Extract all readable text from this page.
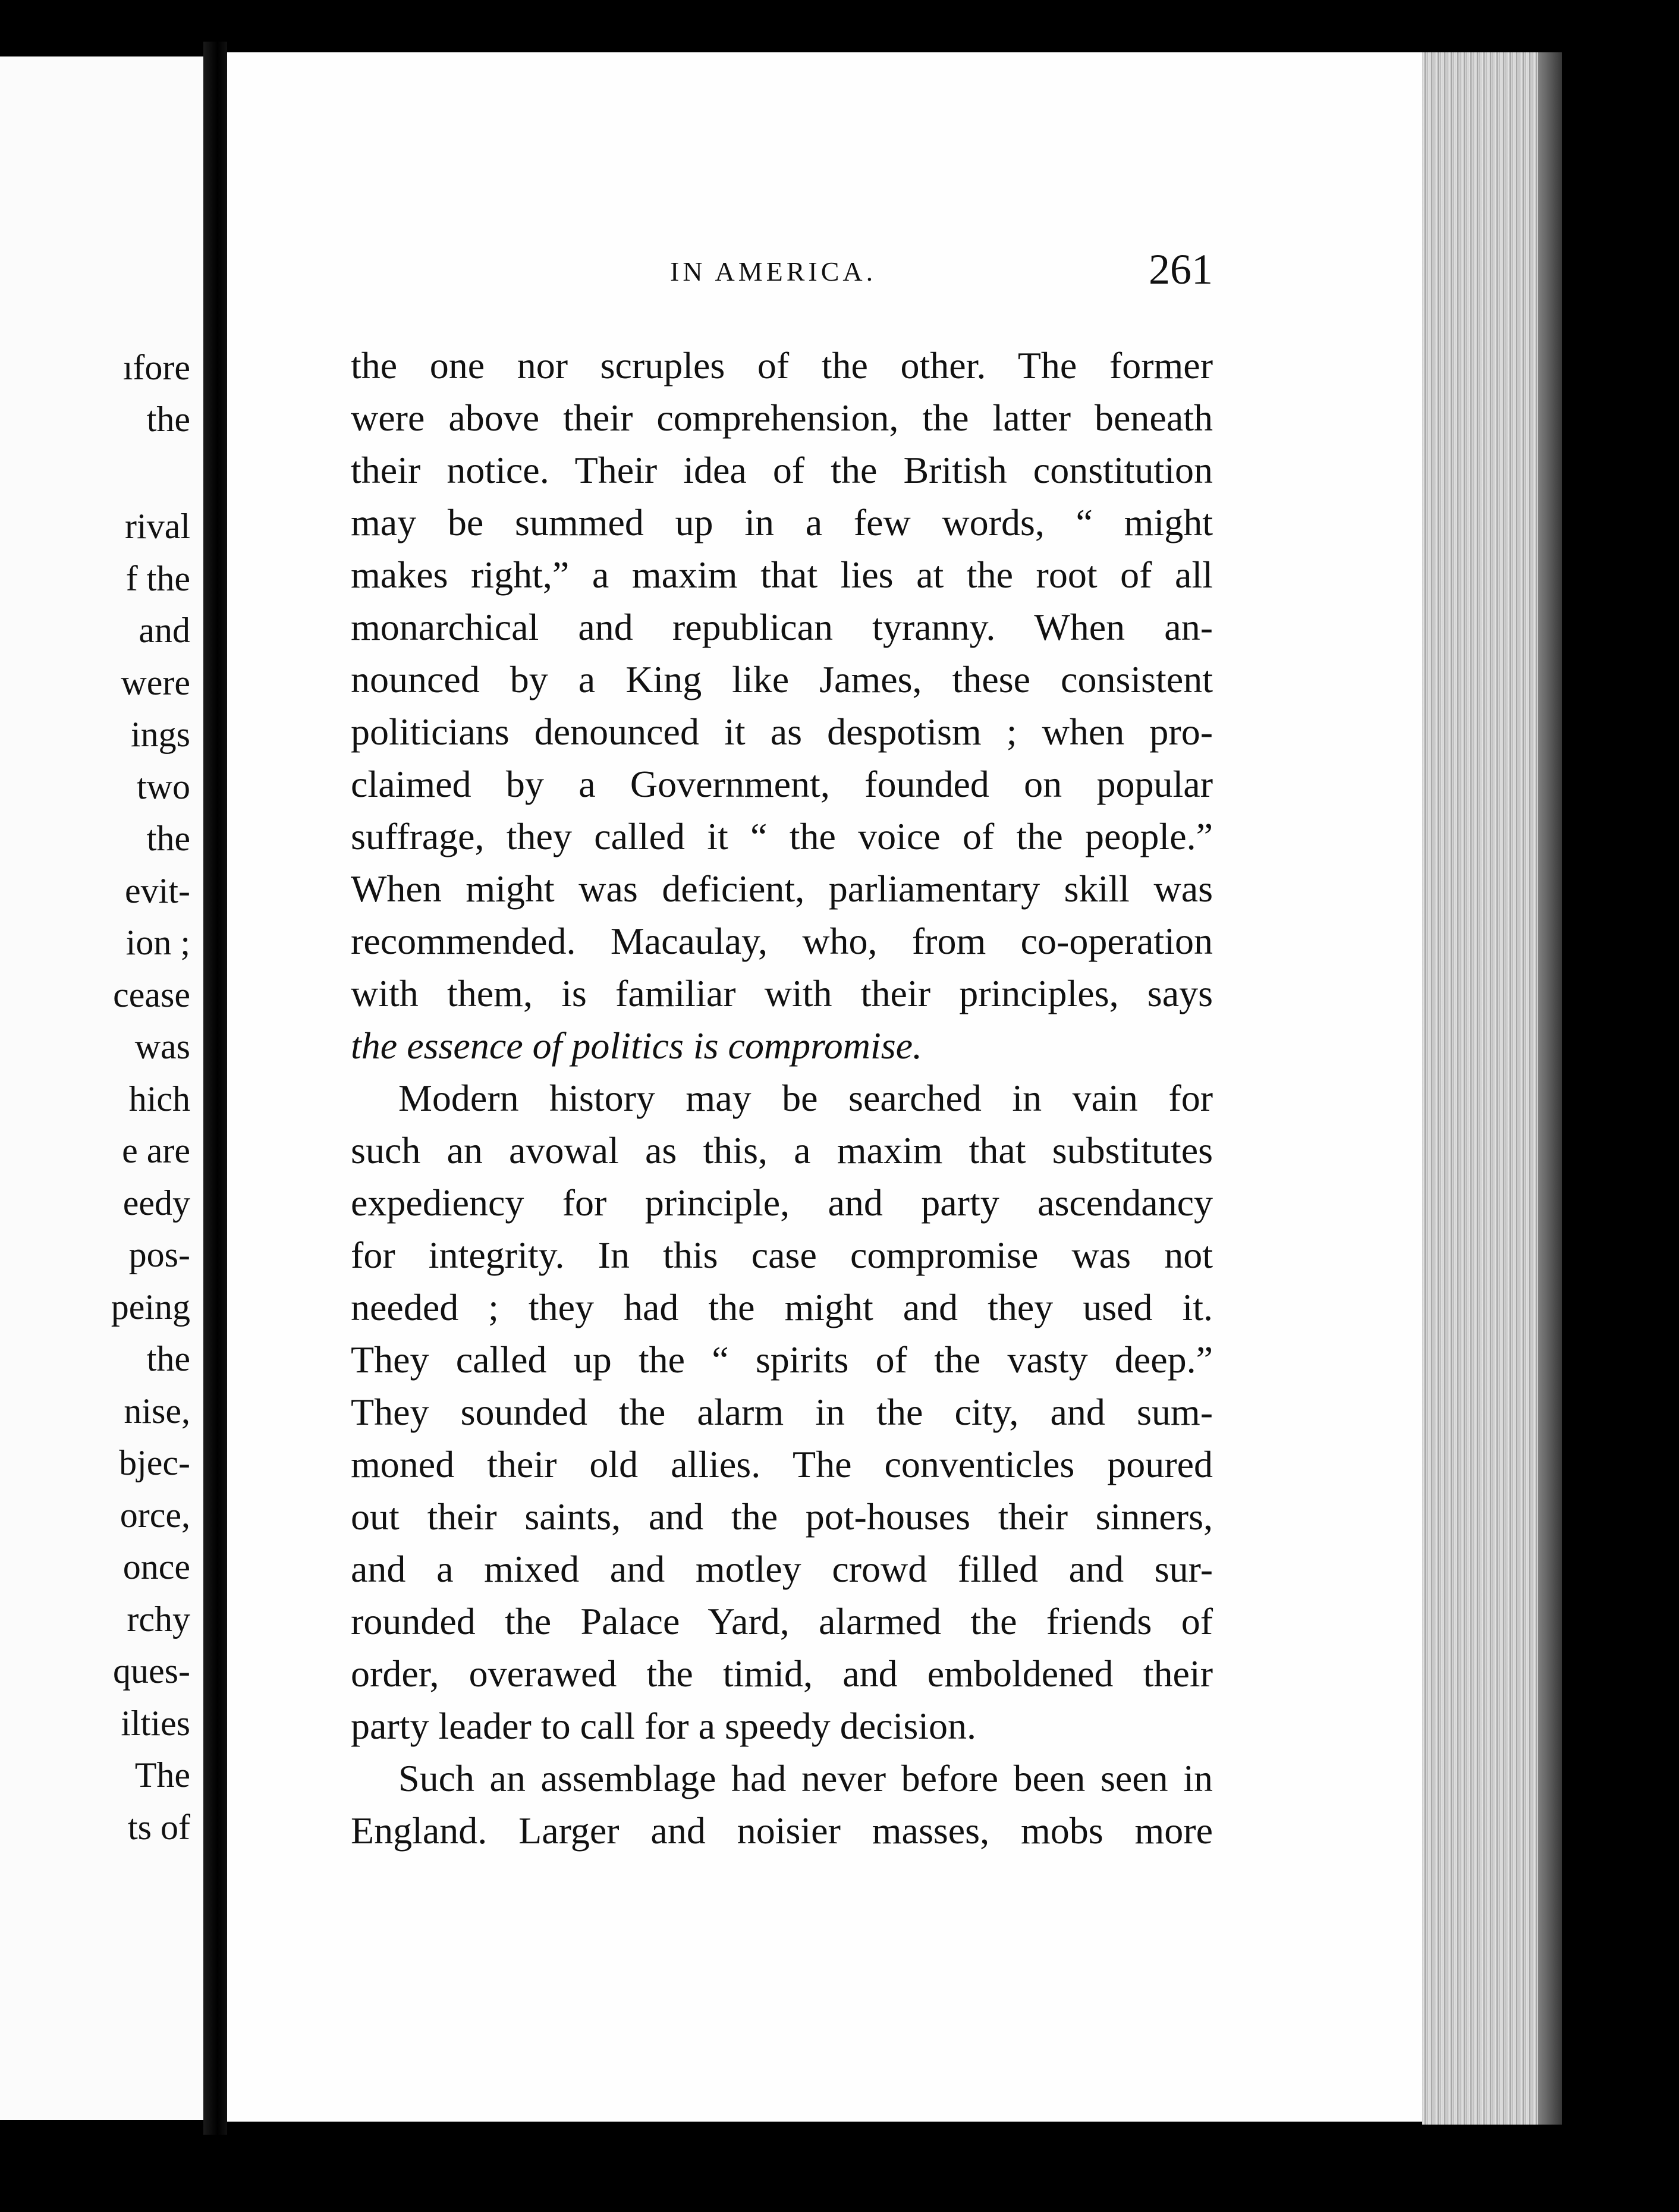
ıfore
the
rival
f the
and
were
ings
two
the
evit-
ion ;
cease
was
hich
e are
eedy
pos-
peing
the
nise,
bjec-
orce,
once
rchy
ques-
ilties
The
ts of
IN AMERICA.	261
the one nor scruples of the other. The former
were above their comprehension, the latter beneath
their notice. Their idea of the British constitution
may be summed up in a few words, “ might
makes right,” a maxim that lies at the root of all
monarchical and republican tyranny. When an-
nounced by a King like James, these consistent
politicians denounced it as despotism ; when pro-
claimed by a Government, founded on popular
suffrage, they called it “ the voice of the people.”
When might was deficient, parliamentary skill was
recommended. Macaulay, who, from co-operation
with them, is familiar with their principles, says
the essence of politics is compromise.
Modern history may be searched in vain for
such an avowal as this, a maxim that substitutes
expediency for principle, and party ascendancy
for integrity. In this case compromise was not
needed ; they had the might and they used it.
They called up the “ spirits of the vasty deep.”
They sounded the alarm in the city, and sum-
moned their old allies. The conventicles poured
out their saints, and the pot-houses their sinners,
and a mixed and motley crowd filled and sur-
rounded the Palace Yard, alarmed the friends of
order, overawed the timid, and emboldened their
party leader to call for a speedy decision.
Such an assemblage had never before been seen in
England. Larger and noisier masses, mobs more
